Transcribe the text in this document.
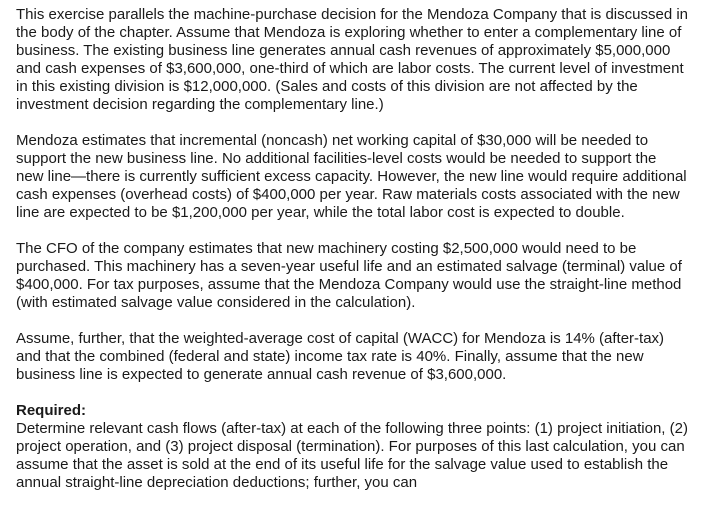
This exercise parallels the machine-purchase decision for the Mendoza Company that is discussed in the body of the chapter. Assume that Mendoza is exploring whether to enter a complementary line of business. The existing business line generates annual cash revenues of approximately $5,000,000 and cash expenses of $3,600,000, one-third of which are labor costs. The current level of investment in this existing division is $12,000,000. (Sales and costs of this division are not affected by the investment decision regarding the complementary line.)

Mendoza estimates that incremental (noncash) net working capital of $30,000 will be needed to support the new business line. No additional facilities-level costs would be needed to support the new line—there is currently sufficient excess capacity. However, the new line would require additional cash expenses (overhead costs) of $400,000 per year. Raw materials costs associated with the new line are expected to be $1,200,000 per year, while the total labor cost is expected to double.

The CFO of the company estimates that new machinery costing $2,500,000 would need to be purchased. This machinery has a seven-year useful life and an estimated salvage (terminal) value of $400,000. For tax purposes, assume that the Mendoza Company would use the straight-line method (with estimated salvage value considered in the calculation).

Assume, further, that the weighted-average cost of capital (WACC) for Mendoza is 14% (after-tax) and that the combined (federal and state) income tax rate is 40%. Finally, assume that the new business line is expected to generate annual cash revenue of $3,600,000.

Required:

Determine relevant cash flows (after-tax) at each of the following three points: (1) project initiation, (2) project operation, and (3) project disposal (termination). For purposes of this last calculation, you can assume that the asset is sold at the end of its useful life for the salvage value used to establish the annual straight-line depreciation deductions; further, you can
